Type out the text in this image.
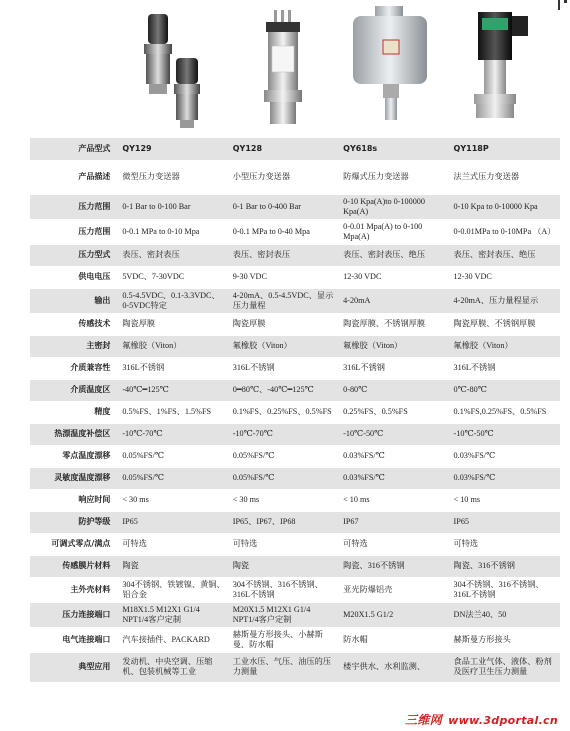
产品型式	QY129	QY128	QY618s	QY118P
产品描述	微型压力变送器	小型压力变送器	防爆式压力变送器	法兰式压力变送器
压力范围	0-1 Bar to 0-100 Bar	0-1 Bar to 0-400 Bar	0-10 Kpa(A)to 0-100000 Kpa(A)	0-10 Kpa to 0-10000 Kpa
压力范围	0-0.1 MPa to 0-10 Mpa	0-0.1 MPa to 0-40 Mpa	0-0.01 Mpa(A) to 0-100 Mpa(A)	0-0.01MPa to 0-10MPa （A）
压力型式	表压、密封表压	表压、密封表压	表压、密封表压、绝压	表压、密封表压、绝压
供电电压	5VDC、7-30VDC	9-30 VDC	12-30 VDC	12-30 VDC
输出	0.5-4.5VDC、0.1-3.3VDC、0-5VDC特定	4-20mA、0.5-4.5VDC、显示压力量程	4-20mA	4-20mA、压力量程显示
传感技术	陶瓷厚膜	陶瓷厚膜	陶瓷厚膜、不锈钢厚膜	陶瓷厚膜、不锈钢厚膜
主密封	氟橡胶（Viton）	氟橡胶（Viton）	氟橡胶（Viton）	氟橡胶（Viton）
介质兼容性	316L不锈钢	316L不锈钢	316L不锈钢	316L不锈钢
介质温度区	-40℃━125℃	0━80℃、-40℃━125℃	0-80℃	0℃-80℃
精度	0.5%FS、1%FS、1.5%FS	0.1%FS、0.25%FS、0.5%FS	0.25%FS、0.5%FS	0.1%FS,0.25%FS、0.5%FS
热漂温度补偿区	-10℃-70℃	-10℃-70℃	-10℃-50℃	-10℃-50℃
零点温度漂移	0.05%FS/℃	0.05%FS/℃	0.03%FS/℃	0.03%FS/℃
灵敏度温度漂移	0.05%FS/℃	0.05%FS/℃	0.03%FS/℃	0.03%FS/℃
响应时间	< 30 ms	< 30 ms	< 10 ms	< 10 ms
防护等级	IP65	IP65、IP67、IP68	IP67	IP65
可调式零点/满点	可特选	可特选	可特选	可特选
传感膜片材料	陶瓷	陶瓷	陶瓷、316不锈钢	陶瓷、316不锈钢
主外壳材料	304不锈钢、铁镀镍、黄铜、铝合金	304不锈钢、316不锈钢、316L不锈钢	亚光防爆铝壳	304不锈钢、316不锈钢、316L不锈钢
压力连接端口	M18X1.5 M12X1 G1/4 NPT1/4客户定制	M20X1.5 M12X1 G1/4 NPT1/4客户定制	M20X1.5 G1/2	DN法兰40、50
电气连接端口	汽车接插件、PACKARD	赫斯曼方形接头、小赫斯曼、防水帽	防水帽	赫斯曼方形接头
典型应用	发动机、中央空调、压缩机、包装机械等工业	工业水压、气压、油压的压力测量	楼宇供水、水利监测、	食品工业气体、液体、粉剂及医疗卫生压力测量
三维网 www.3dportal.cn
